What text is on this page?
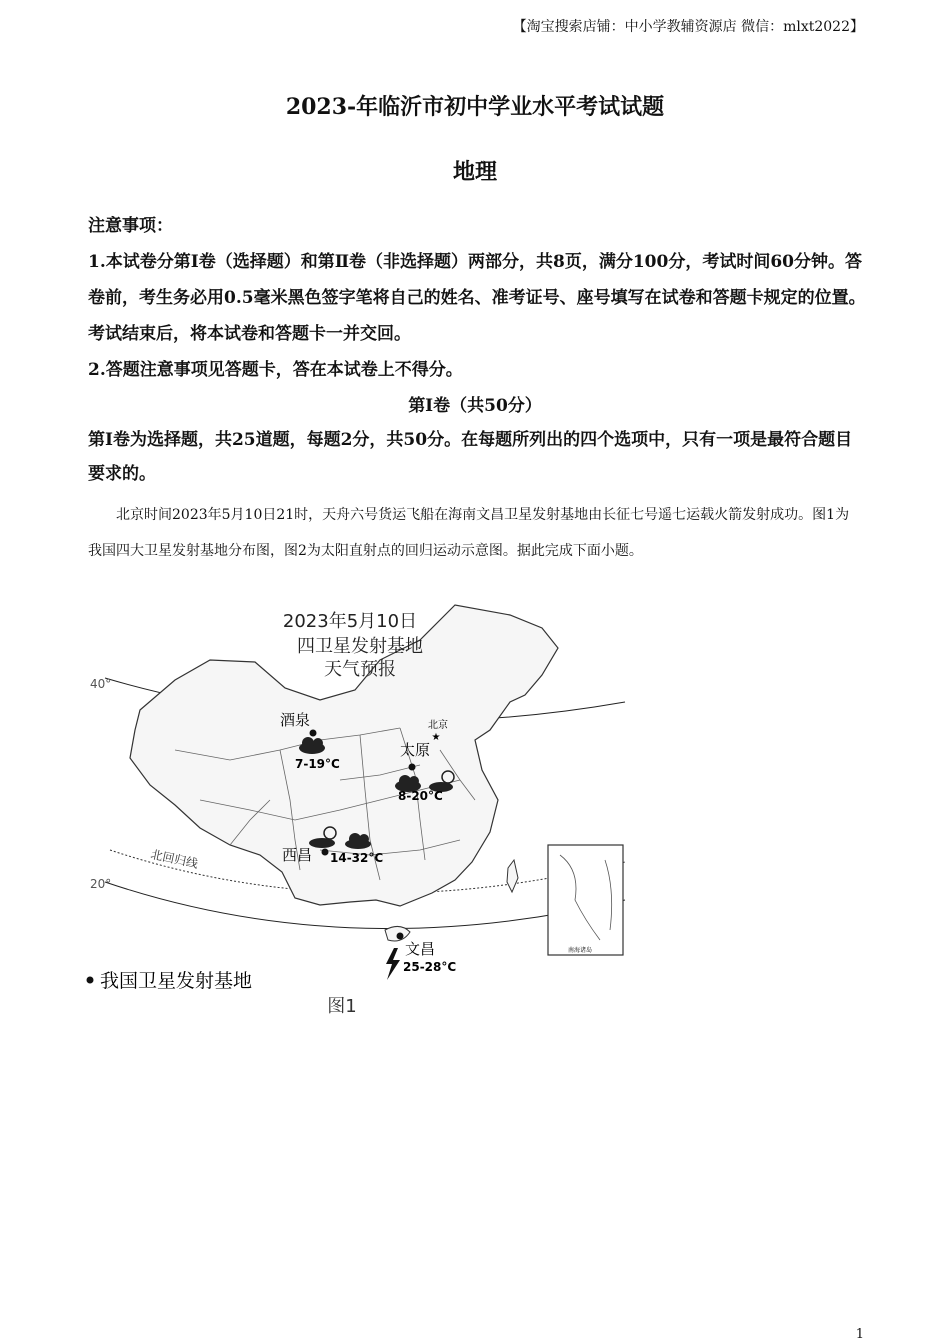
【淘宝搜索店铺：中小学教辅资源店 微信：mlxt2022】
2023-年临沂市初中学业水平考试试题
地理

注意事项：

1.本试卷分第Ⅰ卷（选择题）和第Ⅱ卷（非选择题）两部分，共8页，满分100分，考试时间60分钟。答卷前，考生务必用0.5毫米黑色签字笔将自己的姓名、准考证号、座号填写在试卷和答题卡规定的位置。考试结束后，将本试卷和答题卡一并交回。

2.答题注意事项见答题卡，答在本试卷上不得分。

第Ⅰ卷（共50分）
第Ⅰ卷为选择题，共25道题，每题2分，共50分。在每题所列出的四个选项中，只有一项是最符合题目要求的。
北京时间2023年5月10日21时，天舟六号货运飞船在海南文昌卫星发射基地由长征七号遥七运载火箭发射成功。图1为我国四大卫星发射基地分布图，图2为太阳直射点的回归运动示意图。据此完成下面小题。
南海诸岛
2023年5月10日
四卫星发射基地
天气预报
40°
20°
北回归线
北京
★
酒泉
7-19°C
太原
8-20°C
西昌 14-32°C
文昌
25-28°C
我国卫星发射基地
图1
1
